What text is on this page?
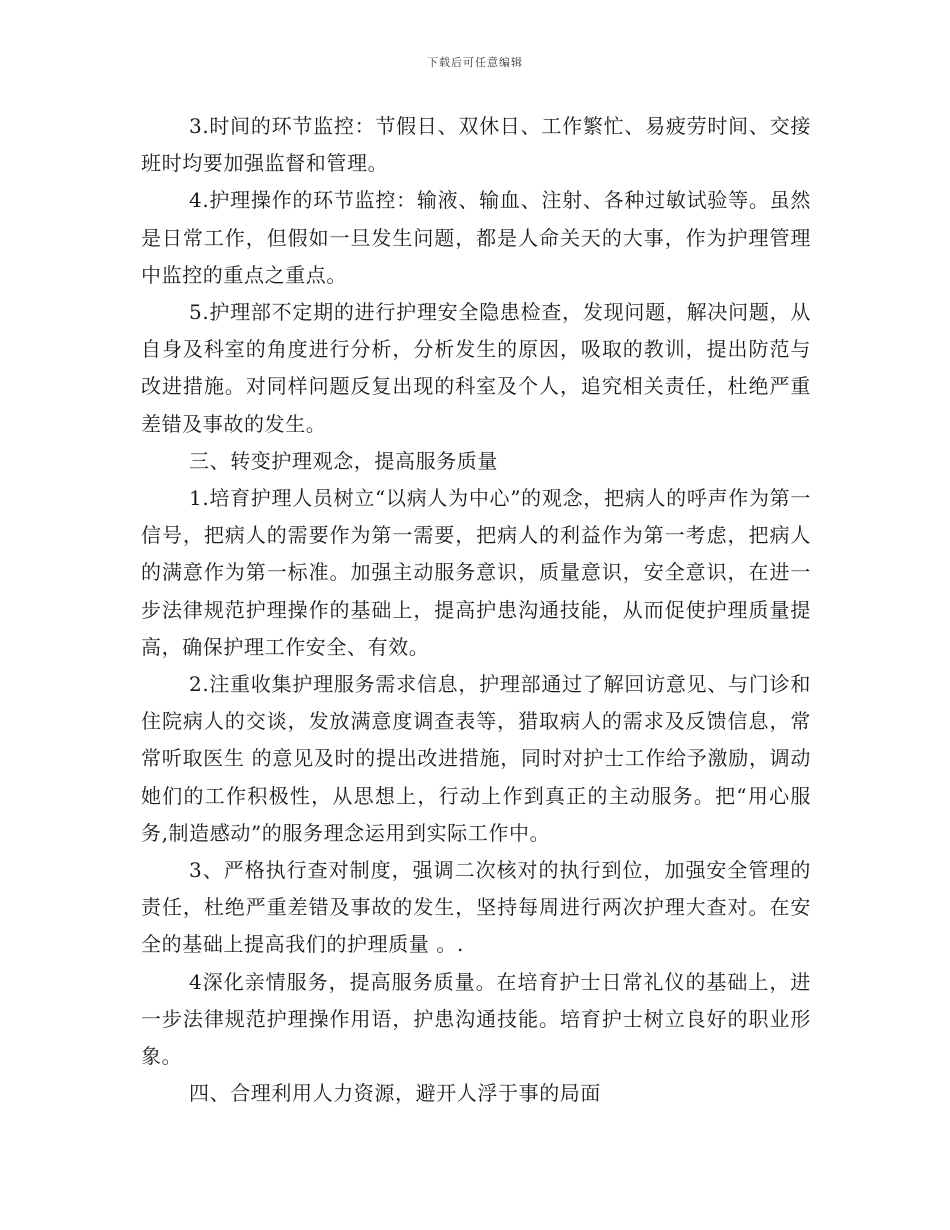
下载后可任意编辑

3.时间的环节监控：节假日、双休日、工作繁忙、易疲劳时间、交接班时均要加强监督和管理。

4.护理操作的环节监控：输液、输血、注射、各种过敏试验等。虽然是日常工作，但假如一旦发生问题，都是人命关天的大事，作为护理管理中监控的重点之重点。

5.护理部不定期的进行护理安全隐患检查，发现问题，解决问题，从自身及科室的角度进行分析，分析发生的原因，吸取的教训，提出防范与改进措施。对同样问题反复出现的科室及个人，追究相关责任，杜绝严重差错及事故的发生。

三、转变护理观念，提高服务质量

1.培育护理人员树立“以病人为中心”的观念，把病人的呼声作为第一信号，把病人的需要作为第一需要，把病人的利益作为第一考虑，把病人的满意作为第一标准。加强主动服务意识，质量意识，安全意识，在进一步法律规范护理操作的基础上，提高护患沟通技能，从而促使护理质量提高，确保护理工作安全、有效。

2.注重收集护理服务需求信息，护理部通过了解回访意见、与门诊和住院病人的交谈，发放满意度调查表等，猎取病人的需求及反馈信息，常常听取医生 的意见及时的提出改进措施，同时对护士工作给予激励，调动她们的工作积极性，从思想上，行动上作到真正的主动服务。把“用心服务,制造感动”的服务理念运用到实际工作中。

3、严格执行查对制度，强调二次核对的执行到位，加强安全管理的责任，杜绝严重差错及事故的发生，坚持每周进行两次护理大查对。在安全的基础上提高我们的护理质量 。.

4深化亲情服务，提高服务质量。在培育护士日常礼仪的基础上，进一步法律规范护理操作用语，护患沟通技能。培育护士树立良好的职业形象。

四、合理利用人力资源，避开人浮于事的局面
